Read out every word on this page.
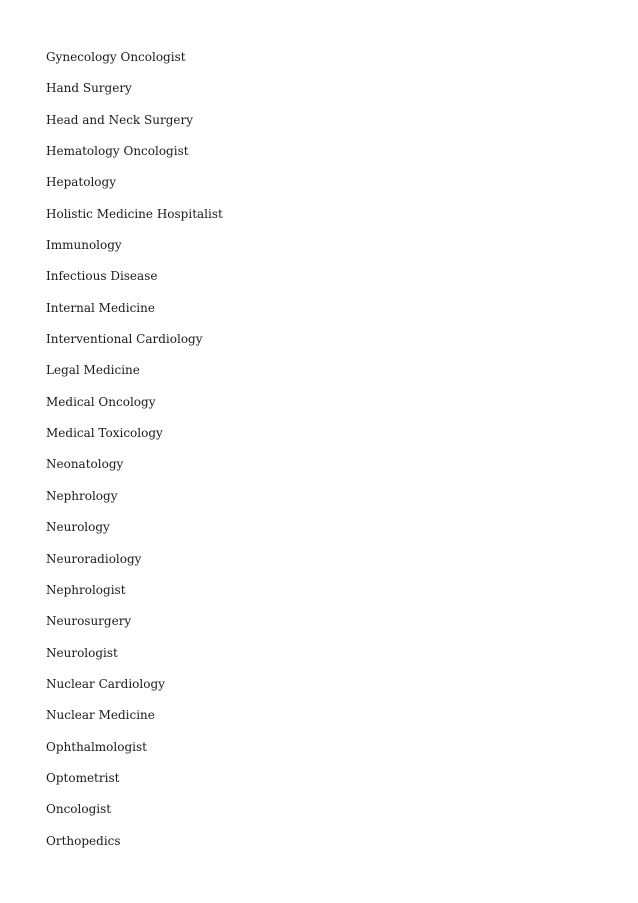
Gynecology Oncologist
Hand Surgery
Head and Neck Surgery
Hematology Oncologist
Hepatology
Holistic Medicine Hospitalist
Immunology
Infectious Disease
Internal Medicine
Interventional Cardiology
Legal Medicine
Medical Oncology
Medical Toxicology
Neonatology
Nephrology
Neurology
Neuroradiology
Nephrologist
Neurosurgery
Neurologist
Nuclear Cardiology
Nuclear Medicine
Ophthalmologist
Optometrist
Oncologist
Orthopedics
